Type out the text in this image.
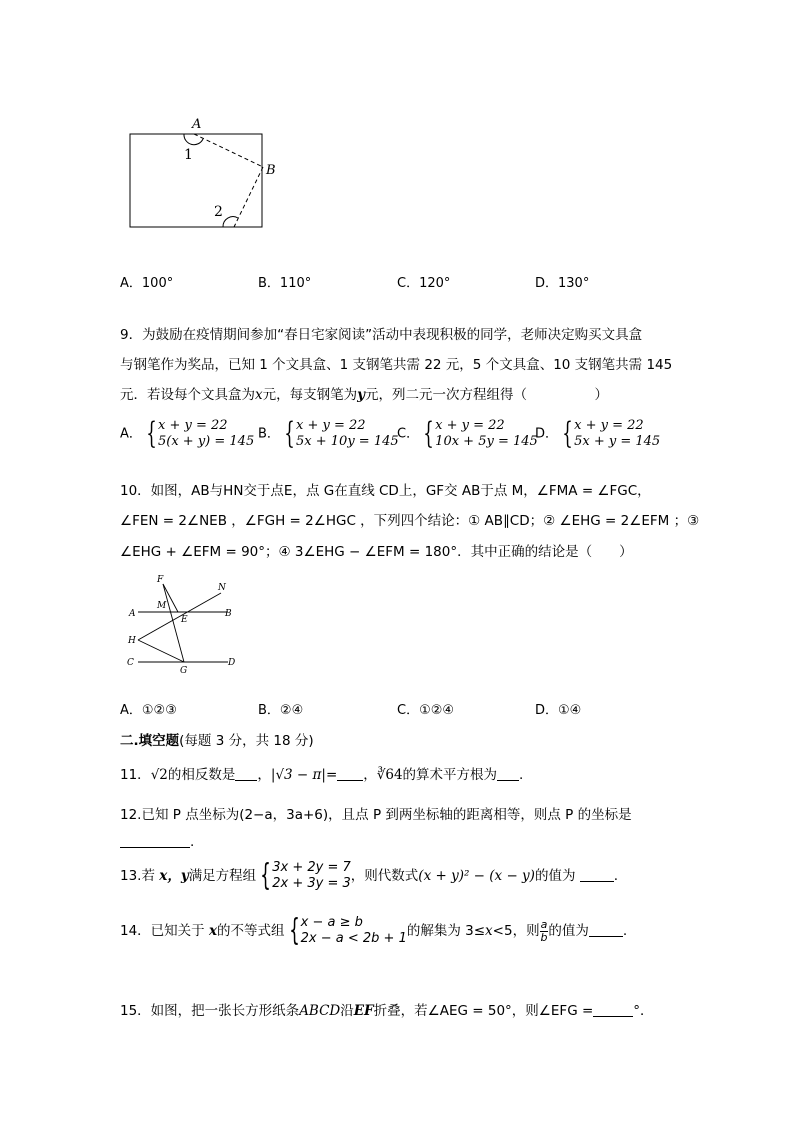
A
B
1
2
A．100°	B．110°	C．120°	D．130°
9．为鼓励在疫情期间参加“春日宅家阅读”活动中表现积极的同学，老师决定购买文具盒
与钢笔作为奖品，已知 1 个文具盒、1 支钢笔共需 22 元，5 个文具盒、10 支钢笔共需 145
元．若设每个文具盒为x元，每支钢笔为y元，列二元一次方程组得（　　　　　）
A． {x + y = 22
5(x + y) = 145 B． {x + y = 22
5x + 10y = 145
C． {x + y = 22
10x + 5y = 145
D． {x + y = 22
5x + y = 145
10．如图，AB与HN交于点E，点 G在直线 CD上，GF交 AB于点 M，∠FMA = ∠FGC，
∠FEN = 2∠NEB ，∠FGH = 2∠HGC ，下列四个结论：① AB∥CD；② ∠EHG = 2∠EFM ；③
∠EHG + ∠EFM = 90°；④ 3∠EHG − ∠EFM = 180°．其中正确的结论是（　　）
F
N
A
M
E
B
H
C
G
D
A．①②③	B．②④	C．①②④	D．①④
二.填空题(每题 3 分，共 18 分)
11．√2的相反数是 ，|√3 − π|= ，∛64的算术平方根为 .
12.已知 P 点坐标为(2−a，3a+6)，且点 P 到两坐标轴的距离相等，则点 P 的坐标是
.
13.若 x，y满足方程组 {3x + 2y = 7
2x + 3y = 3，则代数式(x + y)² − (x − y)的值为	.
14．已知关于 x的不等式组 {x − a ≥ b
2x − a < 2b + 1的解集为 3≤x<5，则 $\frac{a}{b}$的值为	.
15．如图，把一张长方形纸条ABCD沿EF折叠，若∠AEG = 50°，则∠EFG =	°．
